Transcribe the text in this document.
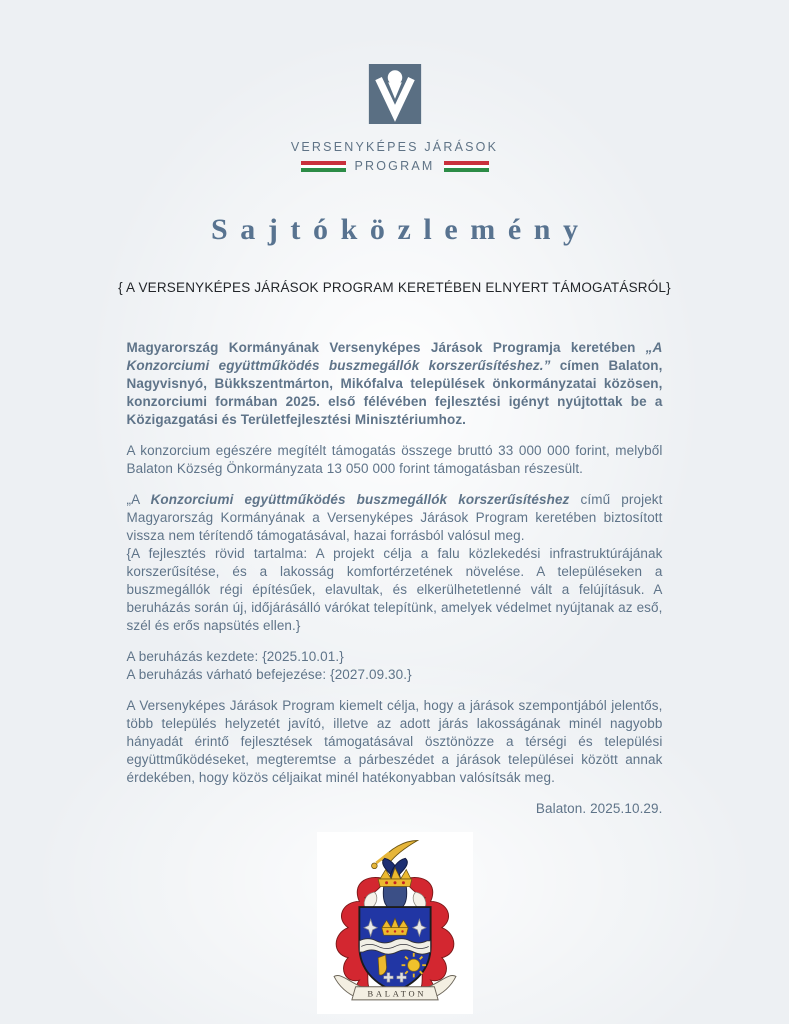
VERSENYKÉPES JÁRÁSOK
PROGRAM
Sajtóközlemény
{ A VERSENYKÉPES JÁRÁSOK PROGRAM KERETÉBEN ELNYERT TÁMOGATÁSRÓL}

Magyarország Kormányának Versenyképes Járások Programja keretében „A Konzorciumi együttműködés buszmegállók korszerűsítéshez.” címen Balaton, Nagyvisnyó, Bükkszentmárton, Mikófalva települések önkormányzatai közösen, konzorciumi formában 2025. első félévében fejlesztési igényt nyújtottak be a Közigazgatási és Területfejlesztési Minisztériumhoz.

A konzorcium egészére megítélt támogatás összege bruttó 33 000 000 forint, melyből Balaton Község Önkormányzata 13 050 000 forint támogatásban részesült.

„A Konzorciumi együttműködés buszmegállók korszerűsítéshez című projekt Magyarország Kormányának a Versenyképes Járások Program keretében biztosított vissza nem térítendő támogatásával, hazai forrásból valósul meg.
{A fejlesztés rövid tartalma: A projekt célja a falu közlekedési infrastruktúrájának korszerűsítése, és a lakosság komfortérzetének növelése. A településeken a buszmegállók régi építésűek, elavultak, és elkerülhetetlenné vált a felújításuk. A beruházás során új, időjárásálló várókat telepítünk, amelyek védelmet nyújtanak az eső, szél és erős napsütés ellen.}

A beruházás kezdete: {2025.10.01.}
A beruházás várható befejezése: {2027.09.30.}

A Versenyképes Járások Program kiemelt célja, hogy a járások szempontjából jelentős, több település helyzetét javító, illetve az adott járás lakosságának minél nagyobb hányadát érintő fejlesztések támogatásával ösztönözze a térségi és települési együttműködéseket, megteremtse a párbeszédet a járások települései között annak érdekében, hogy közös céljaikat minél hatékonyabban valósítsák meg.

Balaton. 2025.10.29.

BALATON
